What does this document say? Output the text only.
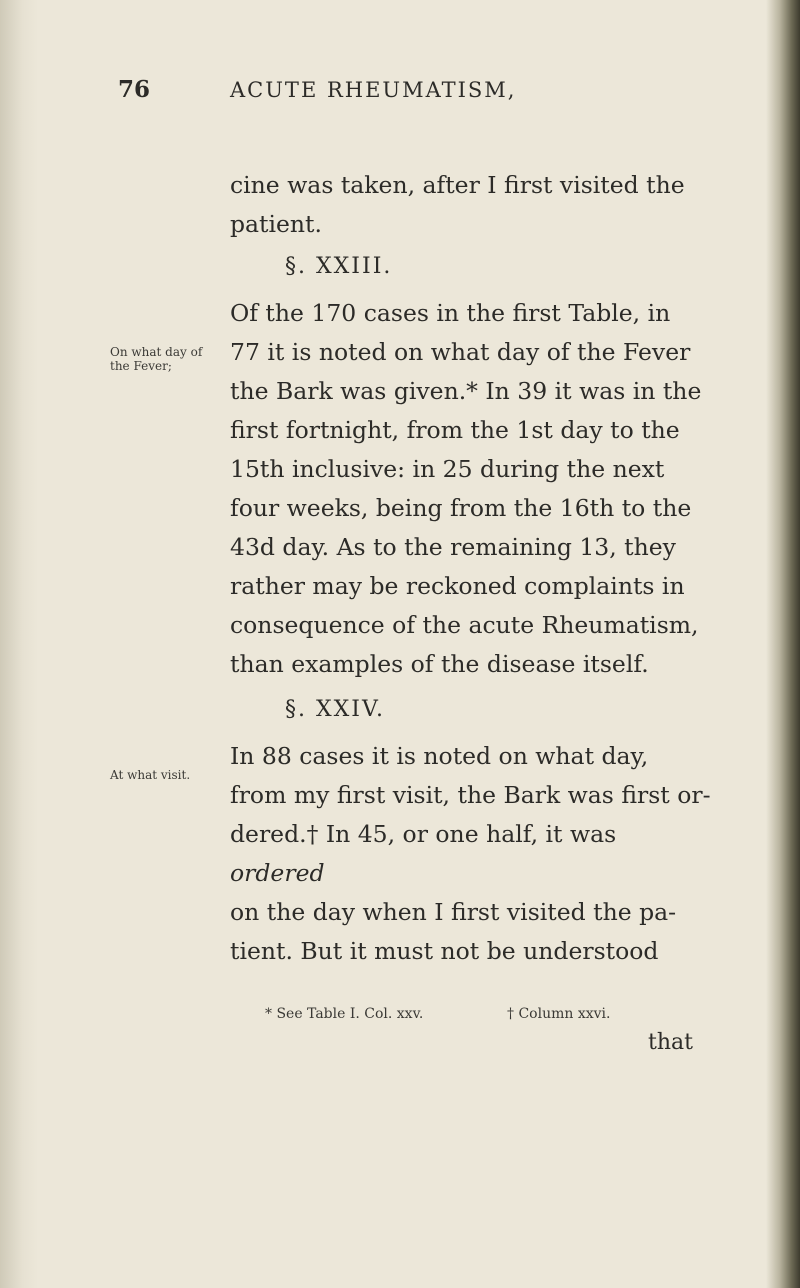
76	ACUTE RHEUMATISM,
cine was taken, after I first visited the
patient.
§. XXIII.
On what day of the Fever;
Of the 170 cases in the first Table, in
77 it is noted on what day of the Fever
the Bark was given.* In 39 it was in the
first fortnight, from the 1st day to the
15th inclusive: in 25 during the next
four weeks, being from the 16th to the
43d day. As to the remaining 13, they
rather may be reckoned complaints in
consequence of the acute Rheumatism,
than examples of the disease itself.
§. XXIV.
At what visit.
In 88 cases it is noted on what day,
from my first visit, the Bark was first or-
dered.† In 45, or one half, it was ordered
on the day when I first visited the pa-
tient. But it must not be understood
* See Table I. Col. xxv.	† Column xxvi.
that
